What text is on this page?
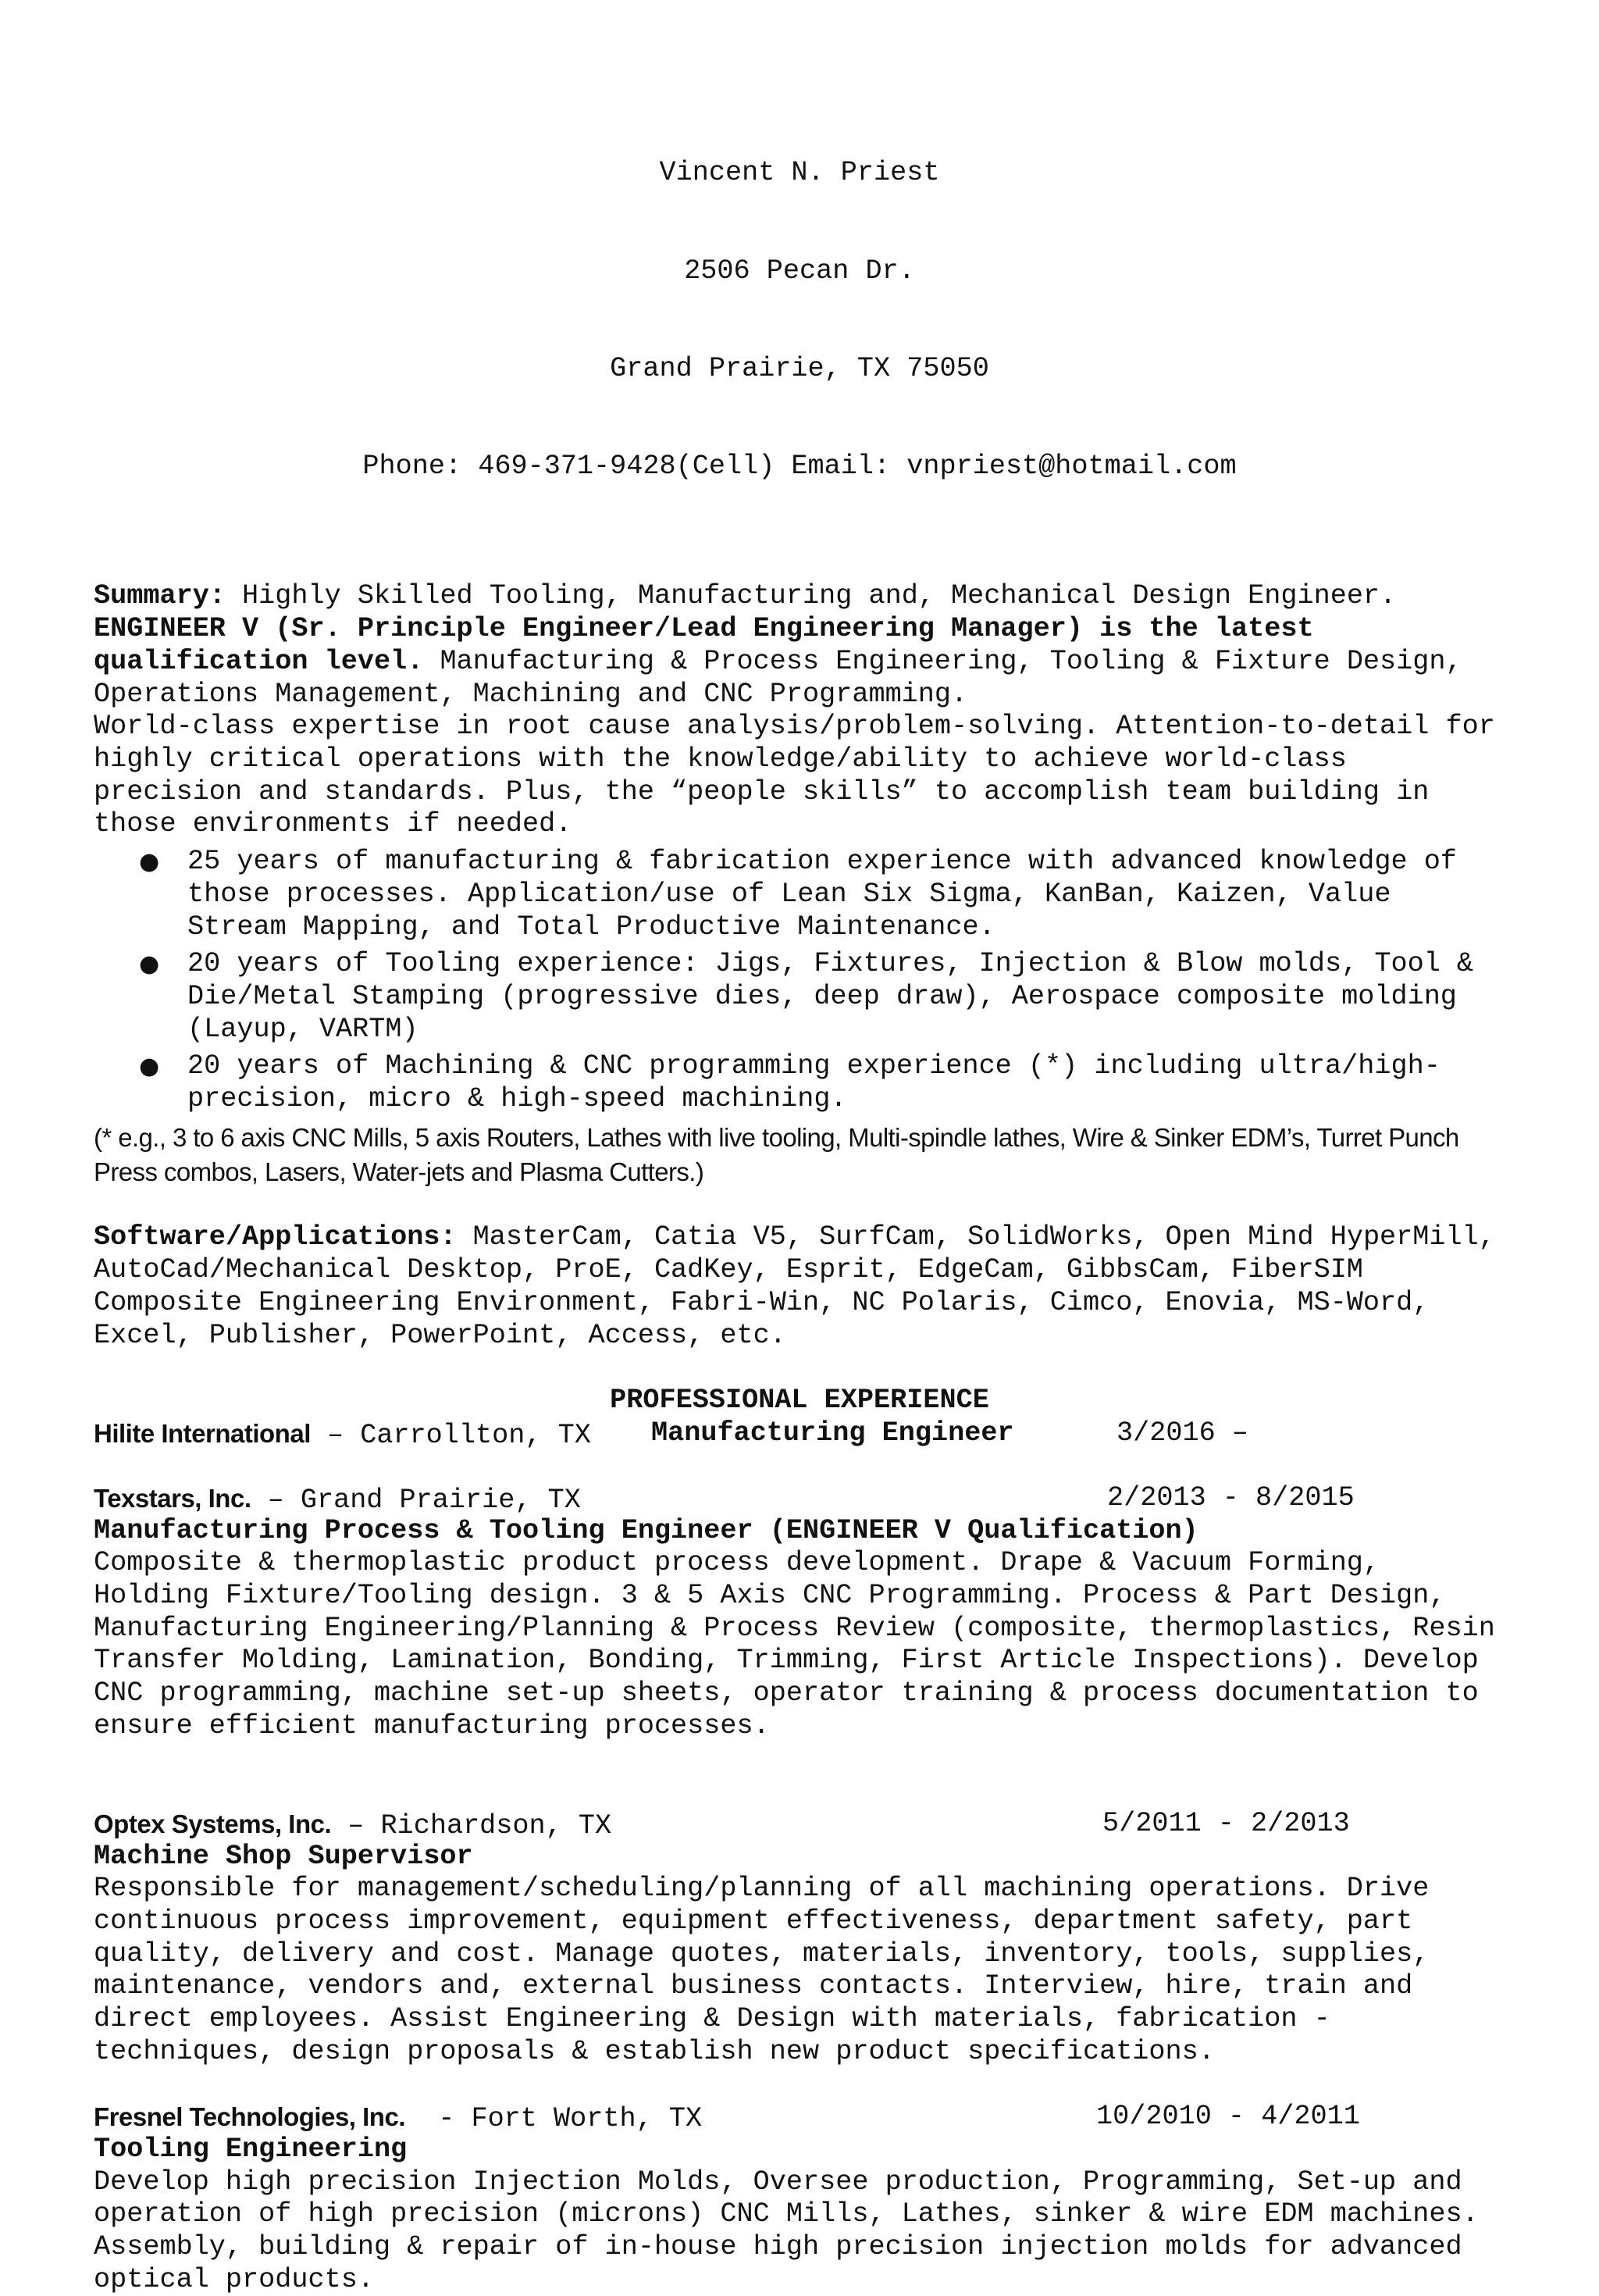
Vincent N. Priest

2506 Pecan Dr.

Grand Prairie, TX 75050

Phone: 469-371-9428(Cell) Email: vnpriest@hotmail.com

Summary: Highly Skilled Tooling, Manufacturing and, Mechanical Design Engineer.
ENGINEER V (Sr. Principle Engineer/Lead Engineering Manager) is the latest qualification level. Manufacturing & Process Engineering, Tooling & Fixture Design, Operations Management, Machining and CNC Programming.
World-class expertise in root cause analysis/problem-solving. Attention-to-detail for highly critical operations with the knowledge/ability to achieve world-class precision and standards. Plus, the “people skills” to accomplish team building in those environments if needed.

● 25 years of manufacturing & fabrication experience with advanced knowledge of those processes. Application/use of Lean Six Sigma, KanBan, Kaizen, Value Stream Mapping, and Total Productive Maintenance.
● 20 years of Tooling experience: Jigs, Fixtures, Injection & Blow molds, Tool & Die/Metal Stamping (progressive dies, deep draw), Aerospace composite molding (Layup, VARTM)
● 20 years of Machining & CNC programming experience (*) including ultra/high-precision, micro & high-speed machining.

(* e.g., 3 to 6 axis CNC Mills, 5 axis Routers, Lathes with live tooling, Multi-spindle lathes, Wire & Sinker EDM’s, Turret Punch Press combos, Lasers, Water-jets and Plasma Cutters.)

Software/Applications: MasterCam, Catia V5, SurfCam, SolidWorks, Open Mind HyperMill, AutoCad/Mechanical Desktop, ProE, CadKey, Esprit, EdgeCam, GibbsCam, FiberSIM Composite Engineering Environment, Fabri-Win, NC Polaris, Cimco, Enovia, MS-Word, Excel, Publisher, PowerPoint, Access, etc.

PROFESSIONAL EXPERIENCE
Hilite International – Carrollton, TX Manufacturing Engineer	3/2016 –
Texstars, Inc. – Grand Prairie, TX	2/2013 - 8/2015
Manufacturing Process & Tooling Engineer (ENGINEER V Qualification)

Composite & thermoplastic product process development. Drape & Vacuum Forming, Holding Fixture/Tooling design. 3 & 5 Axis CNC Programming. Process & Part Design, Manufacturing Engineering/Planning & Process Review (composite, thermoplastics, Resin Transfer Molding, Lamination, Bonding, Trimming, First Article Inspections). Develop CNC programming, machine set-up sheets, operator training & process documentation to ensure efficient manufacturing processes.

Optex Systems, Inc. – Richardson, TX	5/2011 - 2/2013
Machine Shop Supervisor

Responsible for management/scheduling/planning of all machining operations. Drive continuous process improvement, equipment effectiveness, department safety, part quality, delivery and cost. Manage quotes, materials, inventory, tools, supplies, maintenance, vendors and, external business contacts. Interview, hire, train and direct employees. Assist Engineering & Design with materials, fabrication - techniques, design proposals & establish new product specifications.

Fresnel Technologies, Inc.  - Fort Worth, TX	10/2010 - 4/2011
Tooling Engineering

Develop high precision Injection Molds, Oversee production, Programming, Set-up and operation of high precision (microns) CNC Mills, Lathes, sinker & wire EDM machines. Assembly, building & repair of in-house high precision injection molds for advanced optical products.
